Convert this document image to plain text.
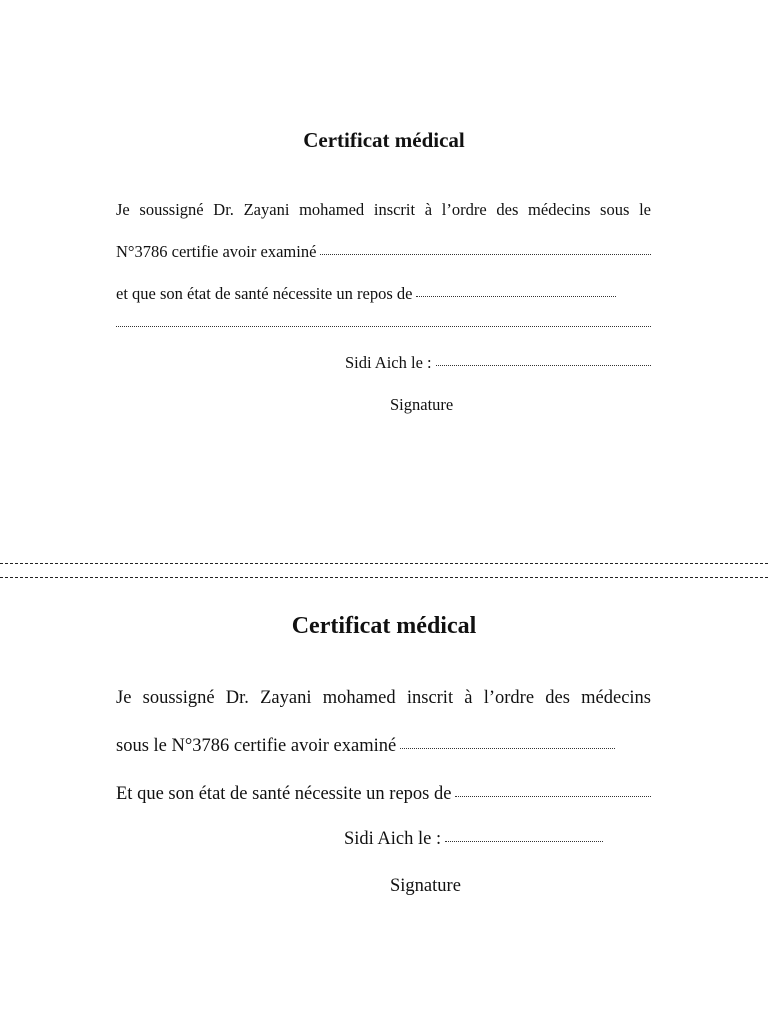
Certificat médical
Je soussigné Dr. Zayani mohamed inscrit à l’ordre des médecins sous le
N°3786 certifie avoir examiné
et que son état de santé nécessite un repos de
Sidi Aich le :
Signature
Certificat médical
Je soussigné Dr. Zayani mohamed inscrit à l’ordre des médecins
sous le N°3786 certifie avoir examiné
Et que son état de santé nécessite un repos de
Sidi Aich le :
Signature
